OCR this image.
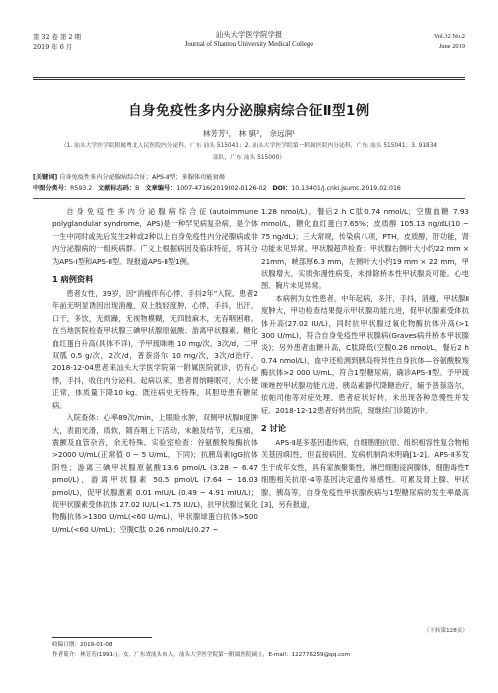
第 32 卷 第 2 期
2019 年 6 月
汕头大学医学院学报
Journal of Shantou University Medical College
Vol.32 No.2
June 2019
自身免疫性多内分泌腺病综合征Ⅱ型1例
林芳芳¹， 林 骐²， 余远润¹
（1. 汕头大学医学院附属粤北人民医院内分泌科，广东 汕头 515041；2. 汕头大学医学院第一附属医院内分泌科，广东 汕头 515041；3. 91834部队，广东 汕头 515000）
[关键词] 自身免疫性多内分泌腺病综合征；APS-Ⅱ型；多腺体功能衰竭
中图分类号：R593.2 文献标志码：B 文章编号：1007-4716(2019)02-0126-02 DOI：10.13401/j.cnki.jsumc.2019.02.016

自身免疫性多内分泌腺病综合征(autoimmune polyglandular syndrome，APS)是一种罕见病复杂病，是个体一生中同时或先后发生2种或2种以上自身免疫性内分泌腺病或非内分泌腺病的一组疾病群。广义上根据病因及临床特征，将其分为APS-Ⅰ型和APS-Ⅱ型。现报道APS-Ⅱ型1例。

1 病例资料

患者女性，39岁，因“消瘦伴有心悸、手抖2年”入院。患者2年前无明显诱因出现消瘦，双上肢轻度肿，心悸，手抖，出汗，口干，多饮，无烦躁，无视物模糊，无四肢麻木，无吞咽困难。在当地医院检查甲状腺三碘甲状腺原氨酸、游离甲状腺素、糖化血红蛋白升高(具体不详)，予甲巯咪唑 10 mg/次，3次/d，二甲双胍 0.5 g/次，2次/d，普萘洛尔 10 mg/次，3次/d治疗。2018-12-04患者来汕头大学医学院第一附属医院就诊，仍有心悸，手抖，收住内分泌科。起病以来，患者胃纳睡眠可，大小便正常，体质量下降10 kg。既往病史无特殊，其胆母患有糖尿病。

入院查体：心率89次/min，上眼睑水肿，双侧甲状腺Ⅱ度肿大，表面光滑，质软，随吞咽上下活动，未触及结节，无压痛，震颤及血管杂音，余无特殊。实验室检查：谷氨酸脱羧酶抗体>2000 U/mL(正常值 0 ~ 5 U/mL，下同)；抗胰岛素IgG抗体阴性；游离三碘甲状腺原氨酸13.6 pmol/L (3.28 ~ 6.47 pmol/L)，游离甲状腺素 50.5 pmol/L (7.64 ~ 16.03 pmol/L)，促甲状腺激素 0.01 mIU/L (0.49 ~ 4.91 mIU/L)；促甲状腺素受体抗体 27.02 IU/L(<1.75 IU/L)，抗甲状腺过氧化物酶抗体>1300 U/mL(<60 U/mL)，甲状腺球蛋白抗体>500 U/mL(<60 U/mL)；空腹C肽 0.26 nmol/L(0.27 ~

1.28 nmol/L)，餐后2 h C肽0.74 nmol/L；空腹血糖 7.93 mmol/L，糖化血红蛋白7.65%；皮质醇 105.13 ng/dL(10 ~ 75 ng/dL)；三大常规，传染病八项，PTH，皮质醇，肝功能，肾功能未见异常。甲状腺超声检查：甲状腺右侧叶大小约22 mm × 21mm，峡部厚6.3 mm，左侧叶大小约19 mm × 22 mm，甲状腺增大，实质弥漫性病变，未排除桥本性甲状腺炎可能。心电图、胸片未见异常。

本病例为女性患者，中年起病，多汗，手抖，消瘦，甲状腺Ⅱ度肿大，甲功检查结果提示甲状腺功能亢进，促甲状腺素受体抗体升高(27.02 IU/L)，同时抗甲状腺过氧化物酶抗体升高(>1 300 U/mL)，符合自身免疫性甲状腺病(Graves病并桥本甲状腺炎)；另外患者血糖升高，C肽降低(空腹0.26 nmol/L，餐后2 h 0.74 nmol/L)，血中还检测到胰岛特异性自身抗体—谷氨酸脱羧酶抗体>2 000 U/mL，符合1型糖尿病，确诊APS-Ⅱ型。予甲巯咪唑控甲状腺功能亢进、胰岛素静代降糖治疗，辅予普萘洛尔，依帕司他等对症处理。患者症状好转，未出现各种急慢性并发症。2018-12-12患者好转出院，现继续门诊随访中。

2 讨论

APS-Ⅱ是多基因遗传病，自细胞胞抗原、组织相容性复合物相关基因Ⅰ阳性，但直接病因、发病机制尚未明确[1-2]。APS-Ⅱ多发生于成年女性，具有家族聚集性，淋巴细胞浸润腺体，细胞毒性T细胞相关抗原-4等基因决定遗传易感性。可累及肾上腺、甲状腺、胰岛等，自身免疫性甲状腺疾病与1型糖尿病的发生率最高[3]，另有报道，

（下转第128页）
收稿日期：2019-01-08
作者简介：林芳芳(1991-)，女，广东省汕头市人，汕头大学医学院第一附属医院硕士，E-mail：122776259@qq.com
